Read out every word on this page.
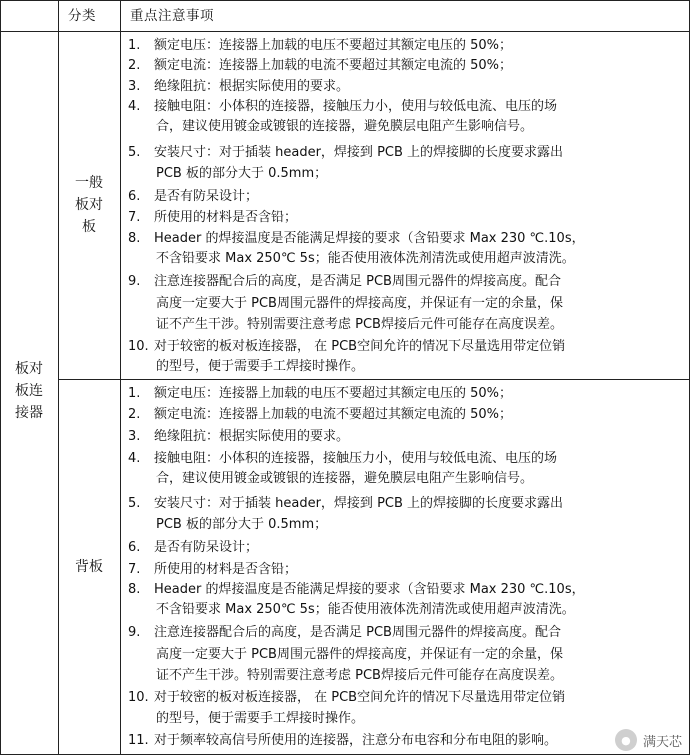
分类	重点注意事项
板对
板连
接器
一般
板对
板
背板
1. 额定电压：连接器上加载的电压不要超过其额定电压的 50%；
2. 额定电流：连接器上加载的电流不要超过其额定电流的 50%；
3. 绝缘阻抗：根据实际使用的要求。
4. 接触电阻：小体积的连接器，接触压力小，使用与较低电流、电压的场
合，建议使用镀金或镀银的连接器，避免膜层电阻产生影响信号。
5. 安装尺寸：对于插装 header，焊接到 PCB 上的焊接脚的长度要求露出
PCB 板的部分大于 0.5mm；
6. 是否有防呆设计；
7. 所使用的材料是否含铅；
8. Header 的焊接温度是否能满足焊接的要求（含铅要求 Max 230 ℃.10s，
不含铅要求 Max 250℃ 5s；能否使用液体洗剂清洗或使用超声波清洗。
9. 注意连接器配合后的高度，是否满足 PCB周围元器件的焊接高度。配合
高度一定要大于 PCB周围元器件的焊接高度，并保证有一定的余量，保
证不产生干涉。特别需要注意考虑 PCB焊接后元件可能存在高度误差。
10. 对于较密的板对板连接器， 在 PCB空间允许的情况下尽量选用带定位销
的型号，便于需要手工焊接时操作。
1. 额定电压：连接器上加载的电压不要超过其额定电压的 50%；
2. 额定电流：连接器上加载的电流不要超过其额定电流的 50%；
3. 绝缘阻抗：根据实际使用的要求。
4. 接触电阻：小体积的连接器，接触压力小，使用与较低电流、电压的场
合，建议使用镀金或镀银的连接器，避免膜层电阻产生影响信号。
5. 安装尺寸：对于插装 header，焊接到 PCB 上的焊接脚的长度要求露出
PCB 板的部分大于 0.5mm；
6. 是否有防呆设计；
7. 所使用的材料是否含铅；
8. Header 的焊接温度是否能满足焊接的要求（含铅要求 Max 230 ℃.10s，
不含铅要求 Max 250℃ 5s；能否使用液体洗剂清洗或使用超声波清洗。
9. 注意连接器配合后的高度，是否满足 PCB周围元器件的焊接高度。配合
高度一定要大于 PCB周围元器件的焊接高度，并保证有一定的余量，保
证不产生干涉。特别需要注意考虑 PCB焊接后元件可能存在高度误差。
10. 对于较密的板对板连接器， 在 PCB空间允许的情况下尽量选用带定位销
的型号，便于需要手工焊接时操作。
11. 对于频率较高信号所使用的连接器，注意分布电容和分布电阻的影响。	● 满天芯
